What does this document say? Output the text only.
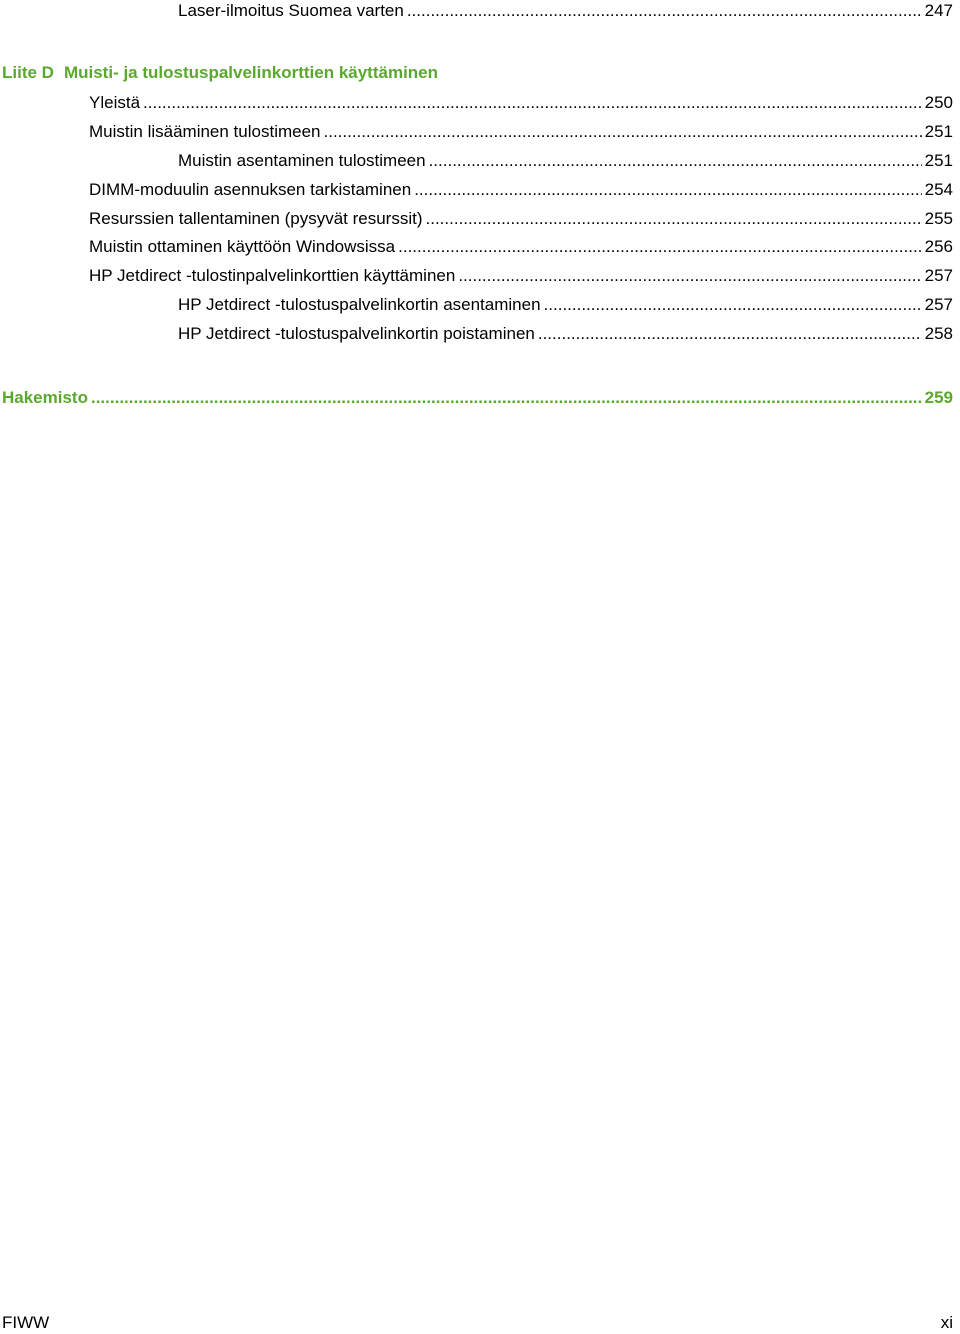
Laser-ilmoitus Suomea varten .....	247
Liite D Muisti- ja tulostuspalvelinkorttien käyttäminen
Yleistä .....	250
Muistin lisääminen tulostimeen .....	251
Muistin asentaminen tulostimeen .....	251
DIMM-moduulin asennuksen tarkistaminen .....	254
Resurssien tallentaminen (pysyvät resurssit) .....	255
Muistin ottaminen käyttöön Windowsissa .....	256
HP Jetdirect -tulostinpalvelinkorttien käyttäminen .....	257
HP Jetdirect -tulostuspalvelinkortin asentaminen .....	257
HP Jetdirect -tulostuspalvelinkortin poistaminen .....	258
Hakemisto .....	259
FIWW	xi
